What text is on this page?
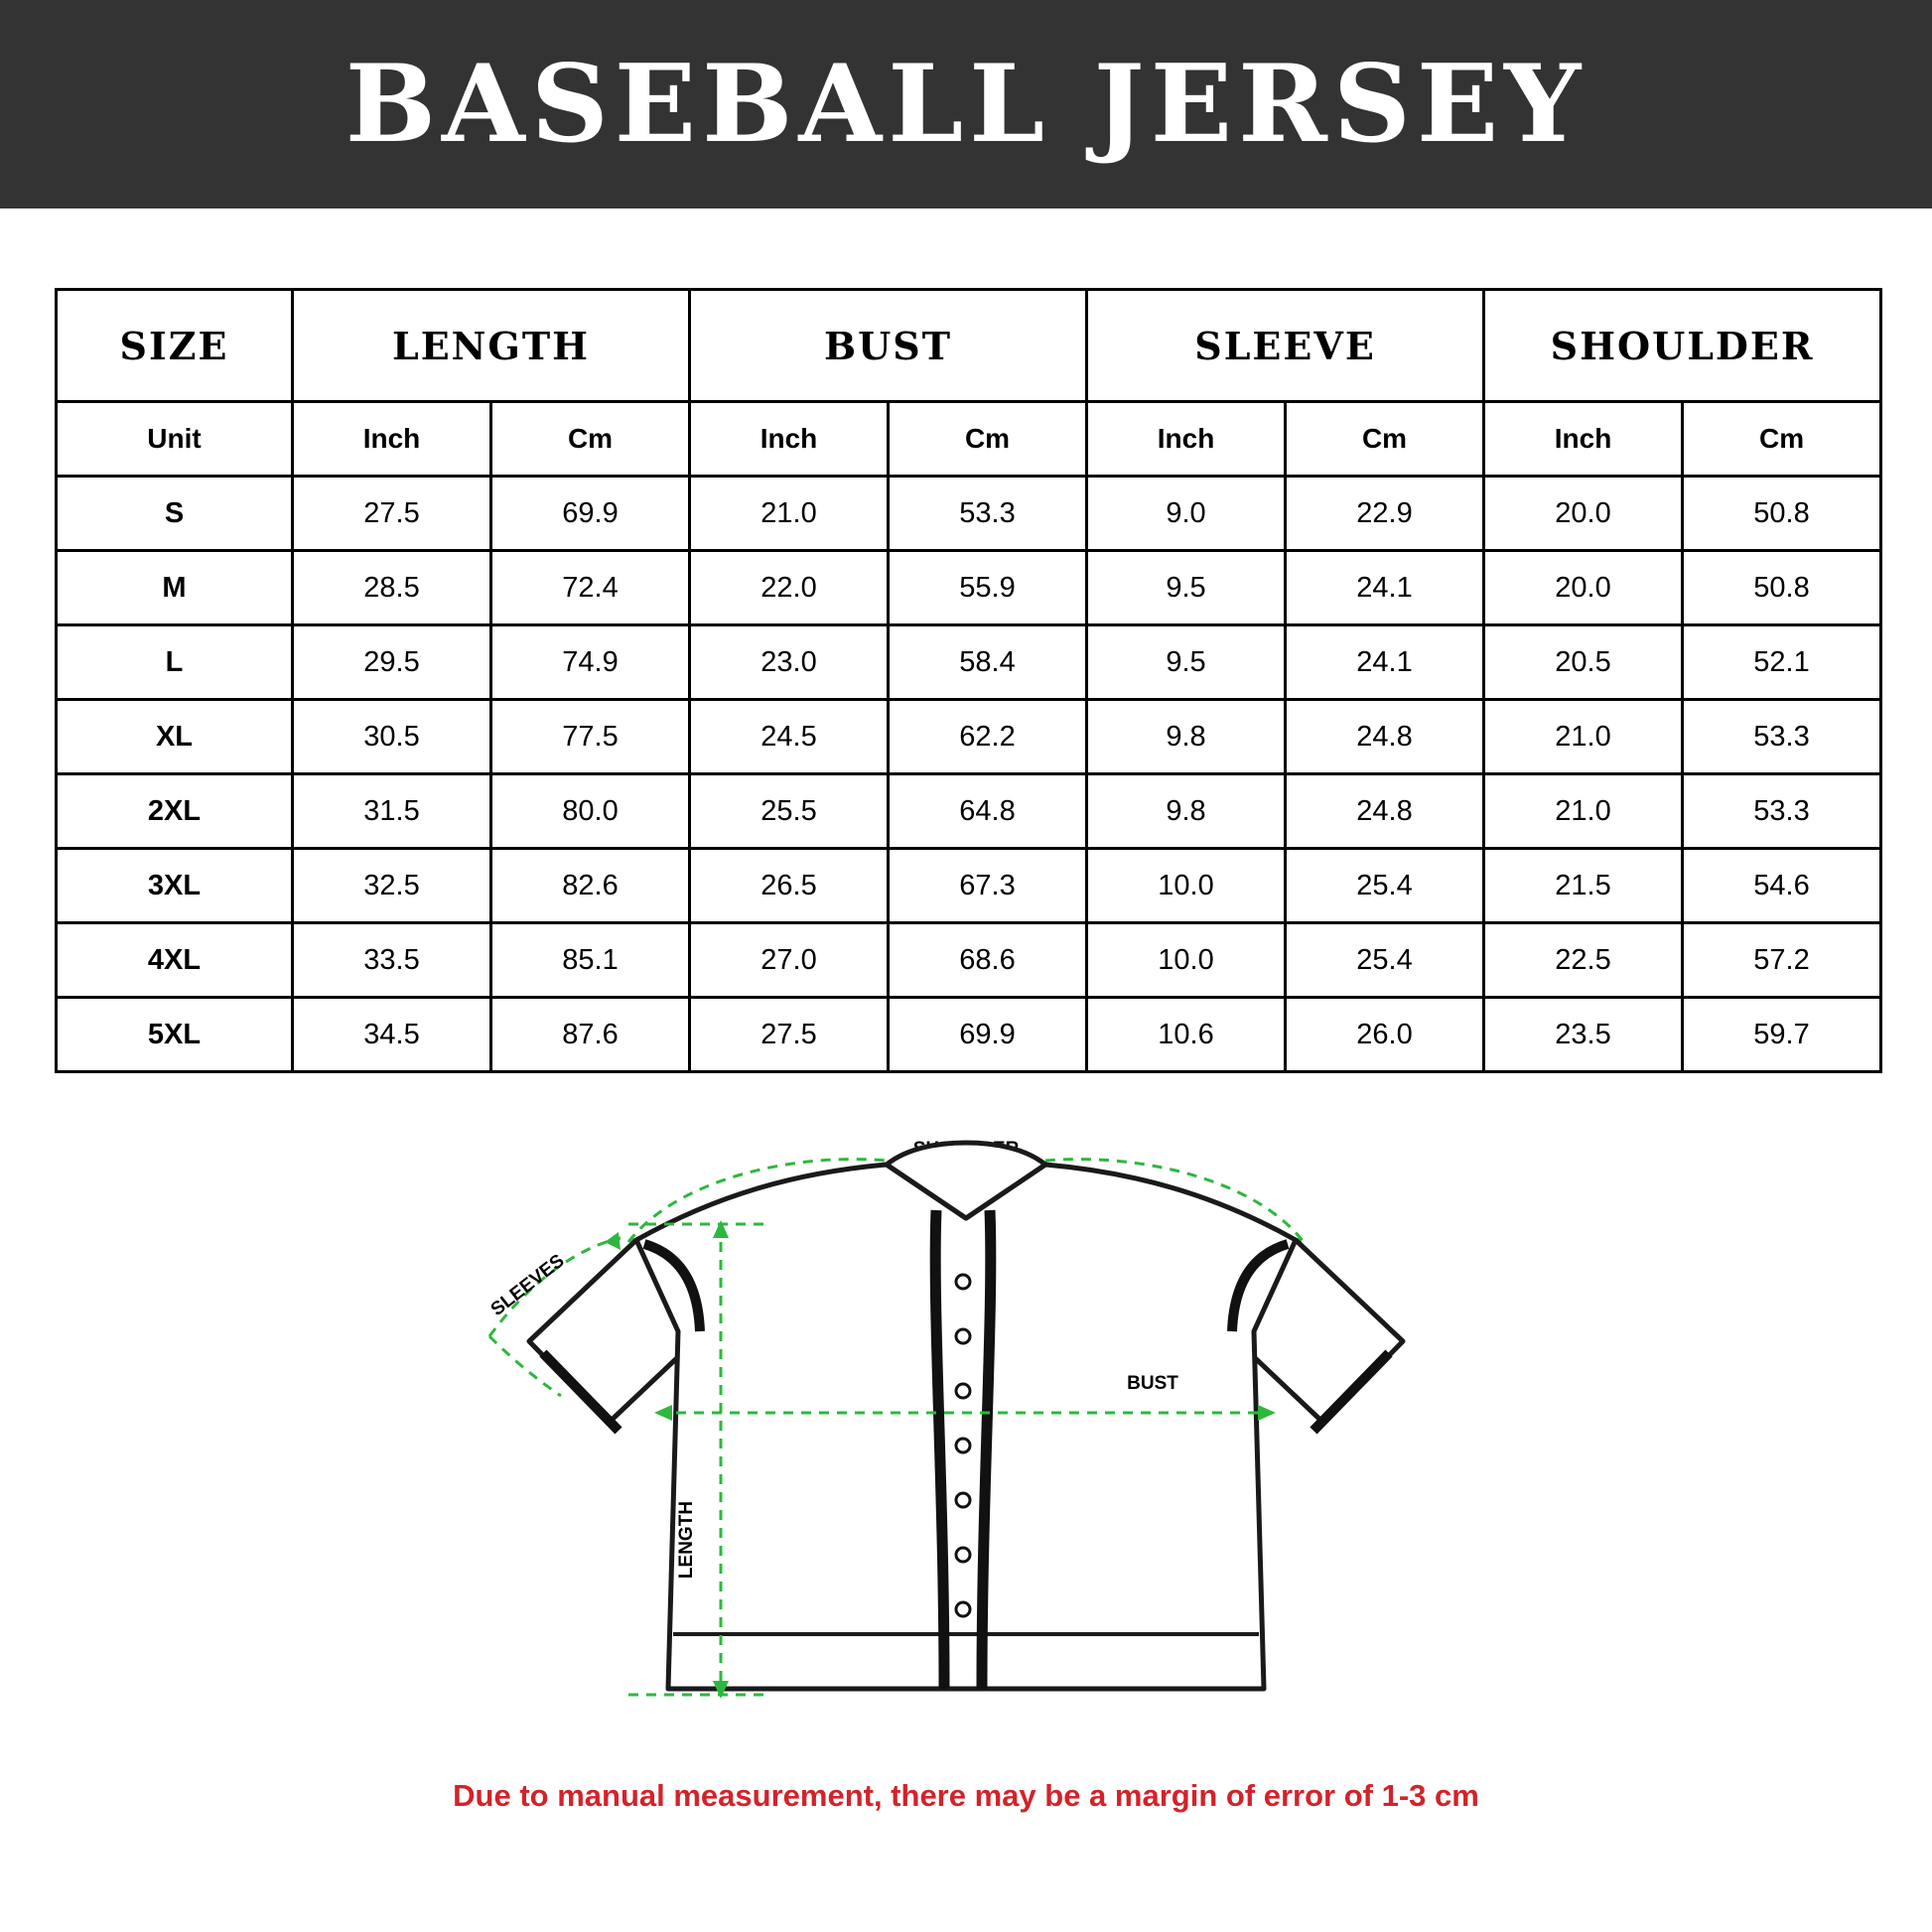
BASEBALL JERSEY
SIZE	LENGTH		BUST		SLEEVE		SHOULDER	
Unit	Inch	Cm	Inch	Cm	Inch	Cm	Inch	Cm
S	27.5	69.9	21.0	53.3	9.0	22.9	20.0	50.8
M	28.5	72.4	22.0	55.9	9.5	24.1	20.0	50.8
L	29.5	74.9	23.0	58.4	9.5	24.1	20.5	52.1
XL	30.5	77.5	24.5	62.2	9.8	24.8	21.0	53.3
2XL	31.5	80.0	25.5	64.8	9.8	24.8	21.0	53.3
3XL	32.5	82.6	26.5	67.3	10.0	25.4	21.5	54.6
4XL	33.5	85.1	27.0	68.6	10.0	25.4	22.5	57.2
5XL	34.5	87.6	27.5	69.9	10.6	26.0	23.5	59.7
SLEEVES
BUST
LENGTH
Due to manual measurement, there may be a margin of error of 1-3 cm
